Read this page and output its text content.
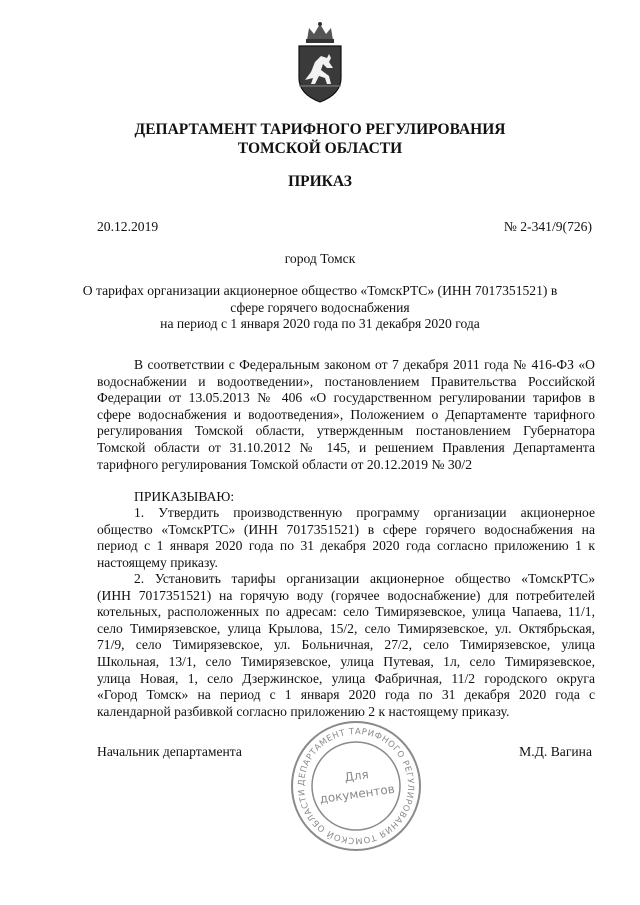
ДЕПАРТАМЕНТ ТАРИФНОГО РЕГУЛИРОВАНИЯ
ТОМСКОЙ ОБЛАСТИ
ПРИКАЗ
20.12.2019	№ 2-341/9(726)
город Томск
О тарифах организации акционерное общество «ТомскРТС» (ИНН 7017351521) в
сфере горячего водоснабжения
на период с 1 января 2020 года по 31 декабря 2020 года
В соответствии с Федеральным законом от 7 декабря 2011 года № 416-ФЗ «О
водоснабжении и водоотведении», постановлением Правительства Российской
Федерации от 13.05.2013 № 406 «О государственном регулировании тарифов в
сфере водоснабжения и водоотведения», Положением о Департаменте тарифного
регулирования Томской области, утвержденным постановлением Губернатора
Томской области от 31.10.2012 № 145, и решением Правления Департамента
тарифного регулирования Томской области от 20.12.2019 № 30/2
ПРИКАЗЫВАЮ:
1. Утвердить производственную программу организации акционерное
общество «ТомскРТС» (ИНН 7017351521) в сфере горячего водоснабжения на
период с 1 января 2020 года по 31 декабря 2020 года согласно приложению 1 к
настоящему приказу.
2. Установить тарифы организации акционерное общество «ТомскРТС»
(ИНН 7017351521) на горячую воду (горячее водоснабжение) для потребителей
котельных, расположенных по адресам: село Тимирязевское, улица Чапаева, 11/1,
село Тимирязевское, улица Крылова, 15/2, село Тимирязевское, ул. Октябрьская,
71/9, село Тимирязевское, ул. Больничная, 27/2, село Тимирязевское, улица
Школьная, 13/1, село Тимирязевское, улица Путевая, 1л, село Тимирязевское,
улица Новая, 1, село Дзержинское, улица Фабричная, 11/2 городского округа
«Город Томск» на период с 1 января 2020 года по 31 декабря 2020 года с
календарной разбивкой согласно приложению 2 к настоящему приказу.
Начальник департамента	М.Д. Вагина
ДЕПАРТАМЕНТ ТАРИФНОГО РЕГУЛИРОВАНИЯ ТОМСКОЙ ОБЛАСТИ
Для
документов
